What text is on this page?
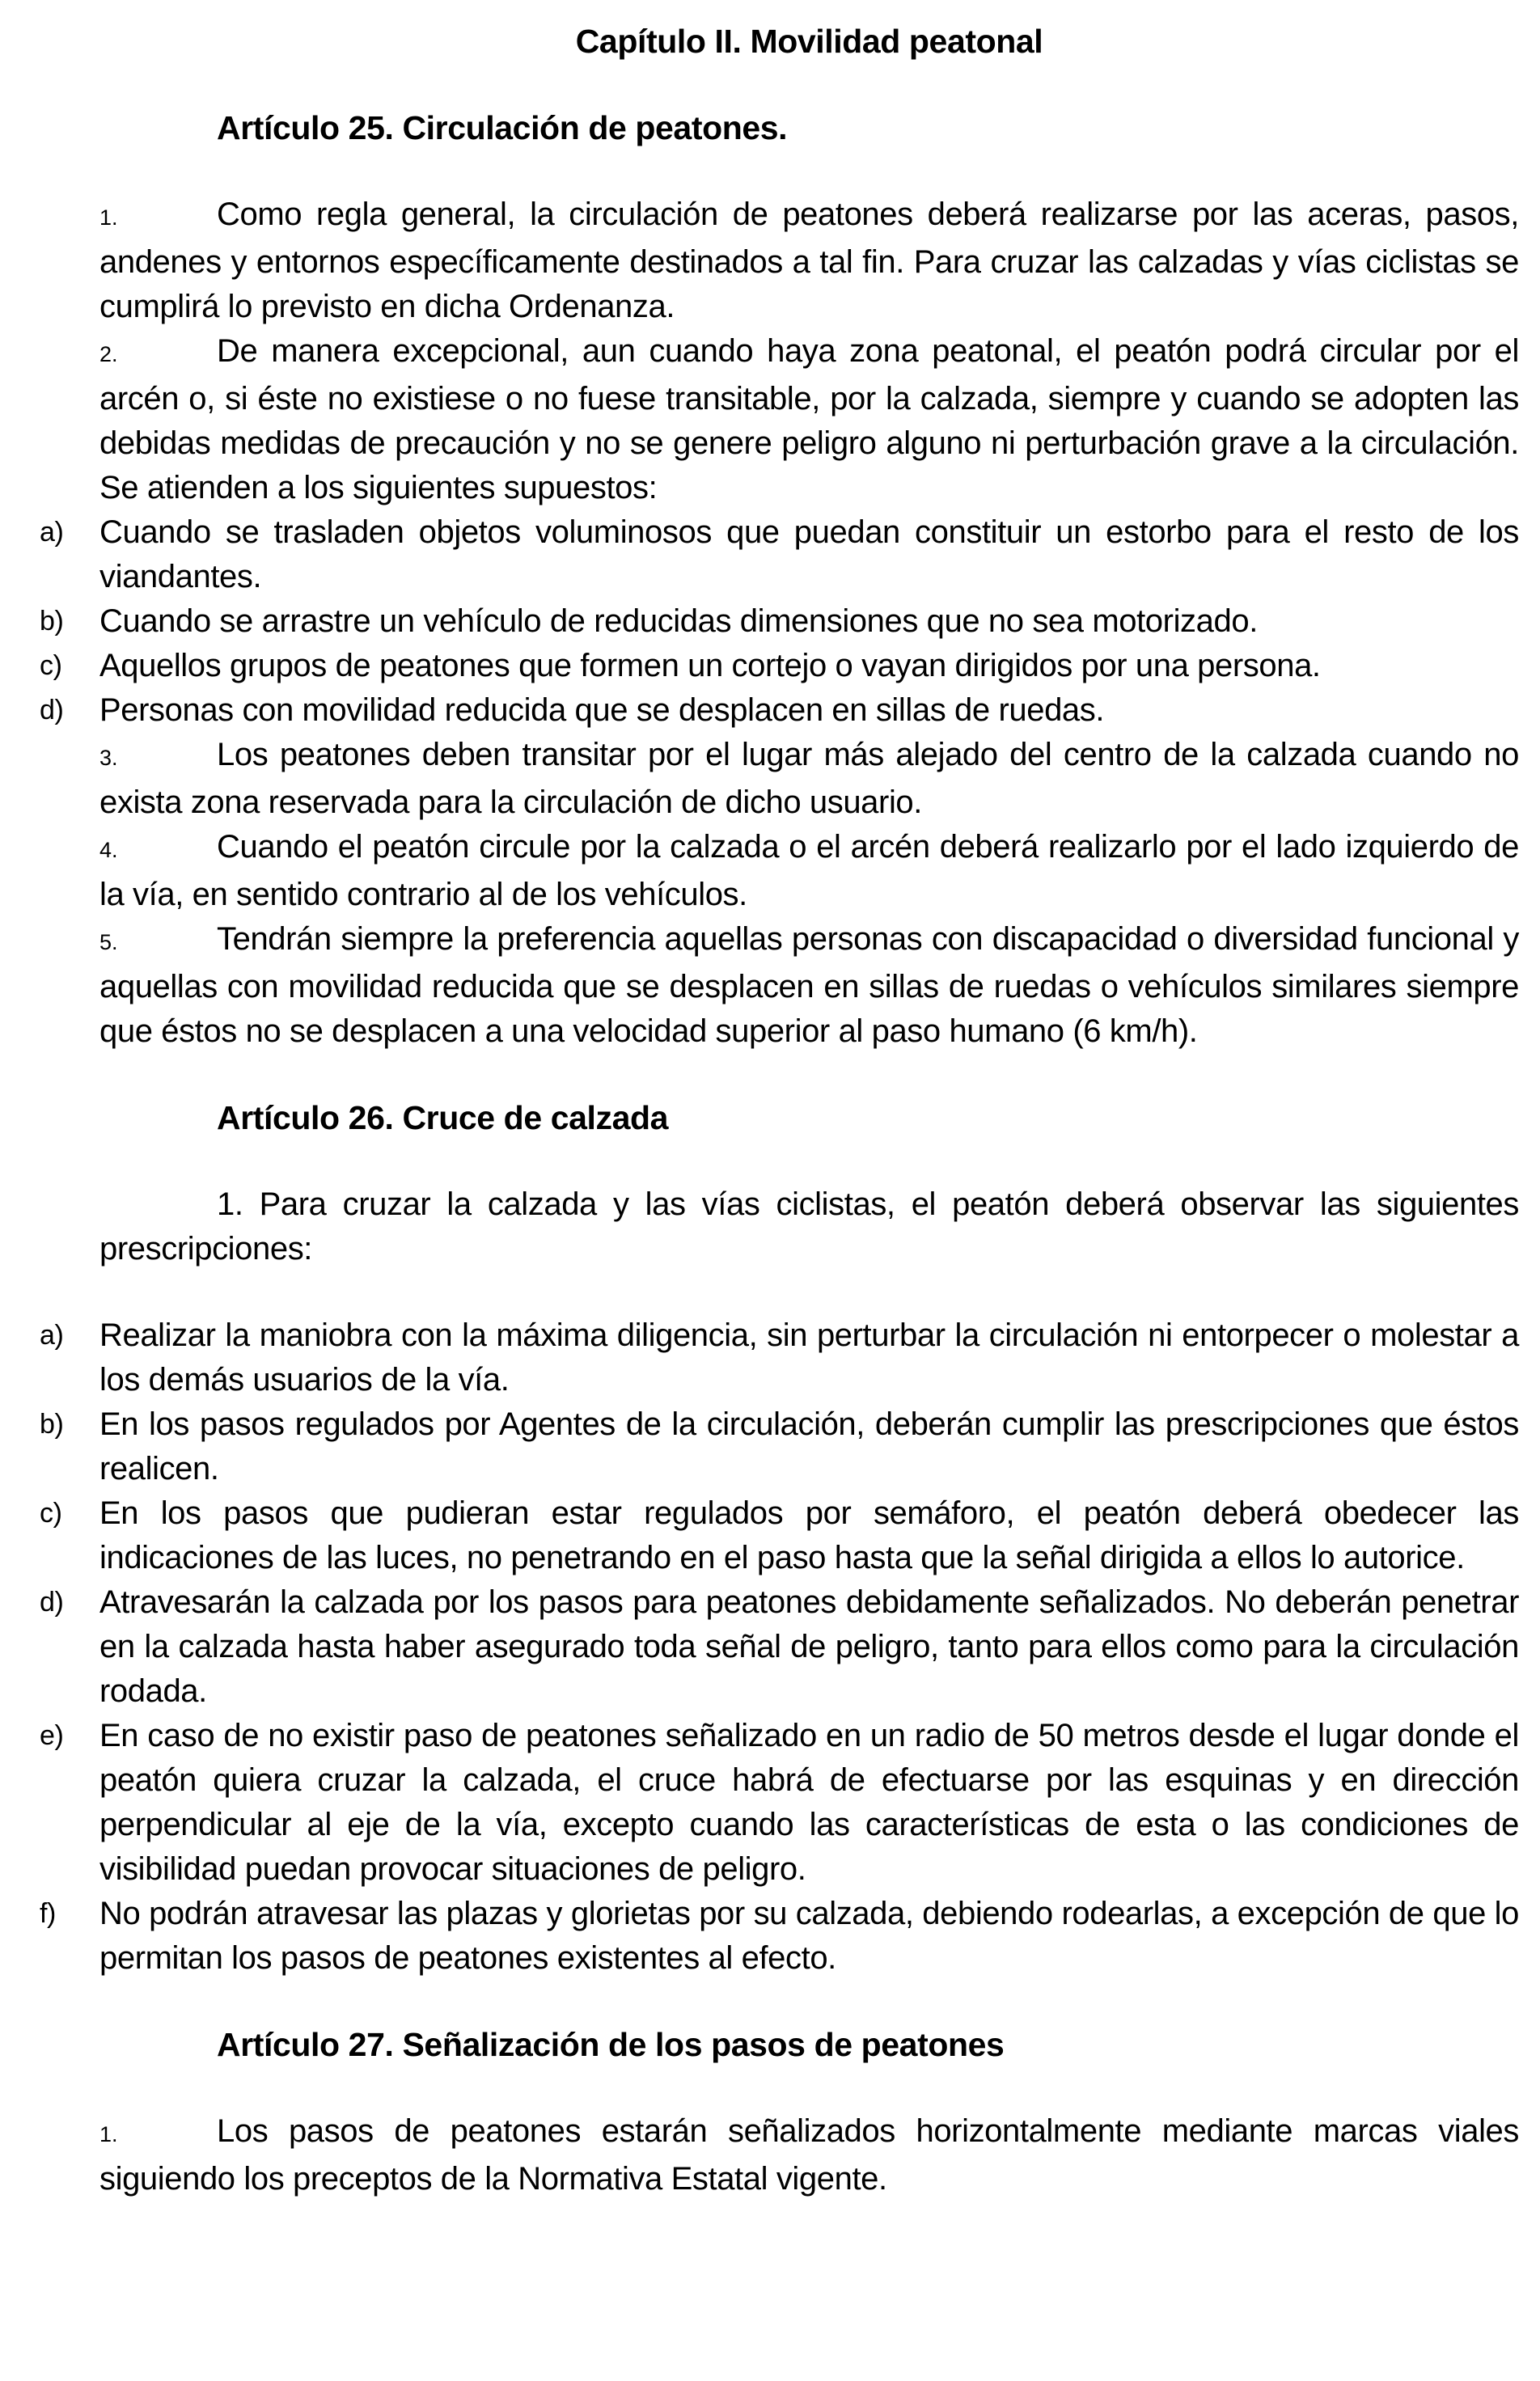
Capítulo II. Movilidad peatonal
Artículo 25. Circulación de peatones.

1.	Como regla general, la circulación de peatones deberá realizarse por las aceras, pasos, andenes y entornos específicamente destinados a tal fin. Para cruzar las calzadas y vías ciclistas se cumplirá lo previsto en dicha Ordenanza.

2.	De manera excepcional, aun cuando haya zona peatonal, el peatón podrá circular por el arcén o, si éste no existiese o no fuese transitable, por la calzada, siempre y cuando se adopten las debidas medidas de precaución y no se genere peligro alguno ni perturbación grave a la circulación. Se atienden a los siguientes supuestos:

a) Cuando se trasladen objetos voluminosos que puedan constituir un estorbo para el resto de los viandantes.
b) Cuando se arrastre un vehículo de reducidas dimensiones que no sea motorizado.
c) Aquellos grupos de peatones que formen un cortejo o vayan dirigidos por una persona.
d) Personas con movilidad reducida que se desplacen en sillas de ruedas.

3.	Los peatones deben transitar por el lugar más alejado del centro de la calzada cuando no exista zona reservada para la circulación de dicho usuario.

4.	Cuando el peatón circule por la calzada o el arcén deberá realizarlo por el lado izquierdo de la vía, en sentido contrario al de los vehículos.

5.	Tendrán siempre la preferencia aquellas personas con discapacidad o diversidad funcional y aquellas con movilidad reducida que se desplacen en sillas de ruedas o vehículos similares siempre que éstos no se desplacen a una velocidad superior al paso humano (6 km/h).

Artículo 26. Cruce de calzada

1. Para cruzar la calzada y las vías ciclistas, el peatón deberá observar las siguientes prescripciones:

a) Realizar la maniobra con la máxima diligencia, sin perturbar la circulación ni entorpecer o molestar a los demás usuarios de la vía.
b) En los pasos regulados por Agentes de la circulación, deberán cumplir las prescripciones que éstos realicen.
c) En los pasos que pudieran estar regulados por semáforo, el peatón deberá obedecer las indicaciones de las luces, no penetrando en el paso hasta que la señal dirigida a ellos lo autorice.
d) Atravesarán la calzada por los pasos para peatones debidamente señalizados. No deberán penetrar en la calzada hasta haber asegurado toda señal de peligro, tanto para ellos como para la circulación rodada.
e) En caso de no existir paso de peatones señalizado en un radio de 50 metros desde el lugar donde el peatón quiera cruzar la calzada, el cruce habrá de efectuarse por las esquinas y en dirección perpendicular al eje de la vía, excepto cuando las características de esta o las condiciones de visibilidad puedan provocar situaciones de peligro.
f) No podrán atravesar las plazas y glorietas por su calzada, debiendo rodearlas, a excepción de que lo permitan los pasos de peatones existentes al efecto.
Artículo 27. Señalización de los pasos de peatones

1.	Los pasos de peatones estarán señalizados horizontalmente mediante marcas viales siguiendo los preceptos de la Normativa Estatal vigente.
